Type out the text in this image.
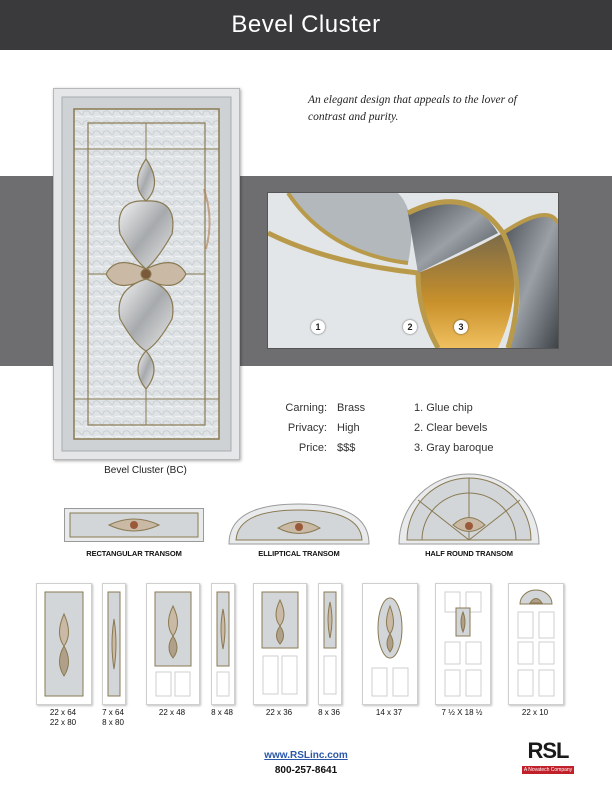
Bevel Cluster
Bevel Cluster (BC)
An elegant design that appeals to the lover of contrast and purity.
1	2	3
Carning: Brass
Privacy: High
Price: $$$
1. Glue chip
2. Clear bevels
3. Gray baroque
RECTANGULAR TRANSOM	ELLIPTICAL TRANSOM	HALF ROUND TRANSOM
22 x 64
22 x 80
7 x 64
8 x 80
22 x 48	8 x 48	22 x 36	8 x 36	14 x 37	7 ½ X 18 ½	22 x 10
www.RSLinc.com
800-257-8641
RSL
A Novatech Company
